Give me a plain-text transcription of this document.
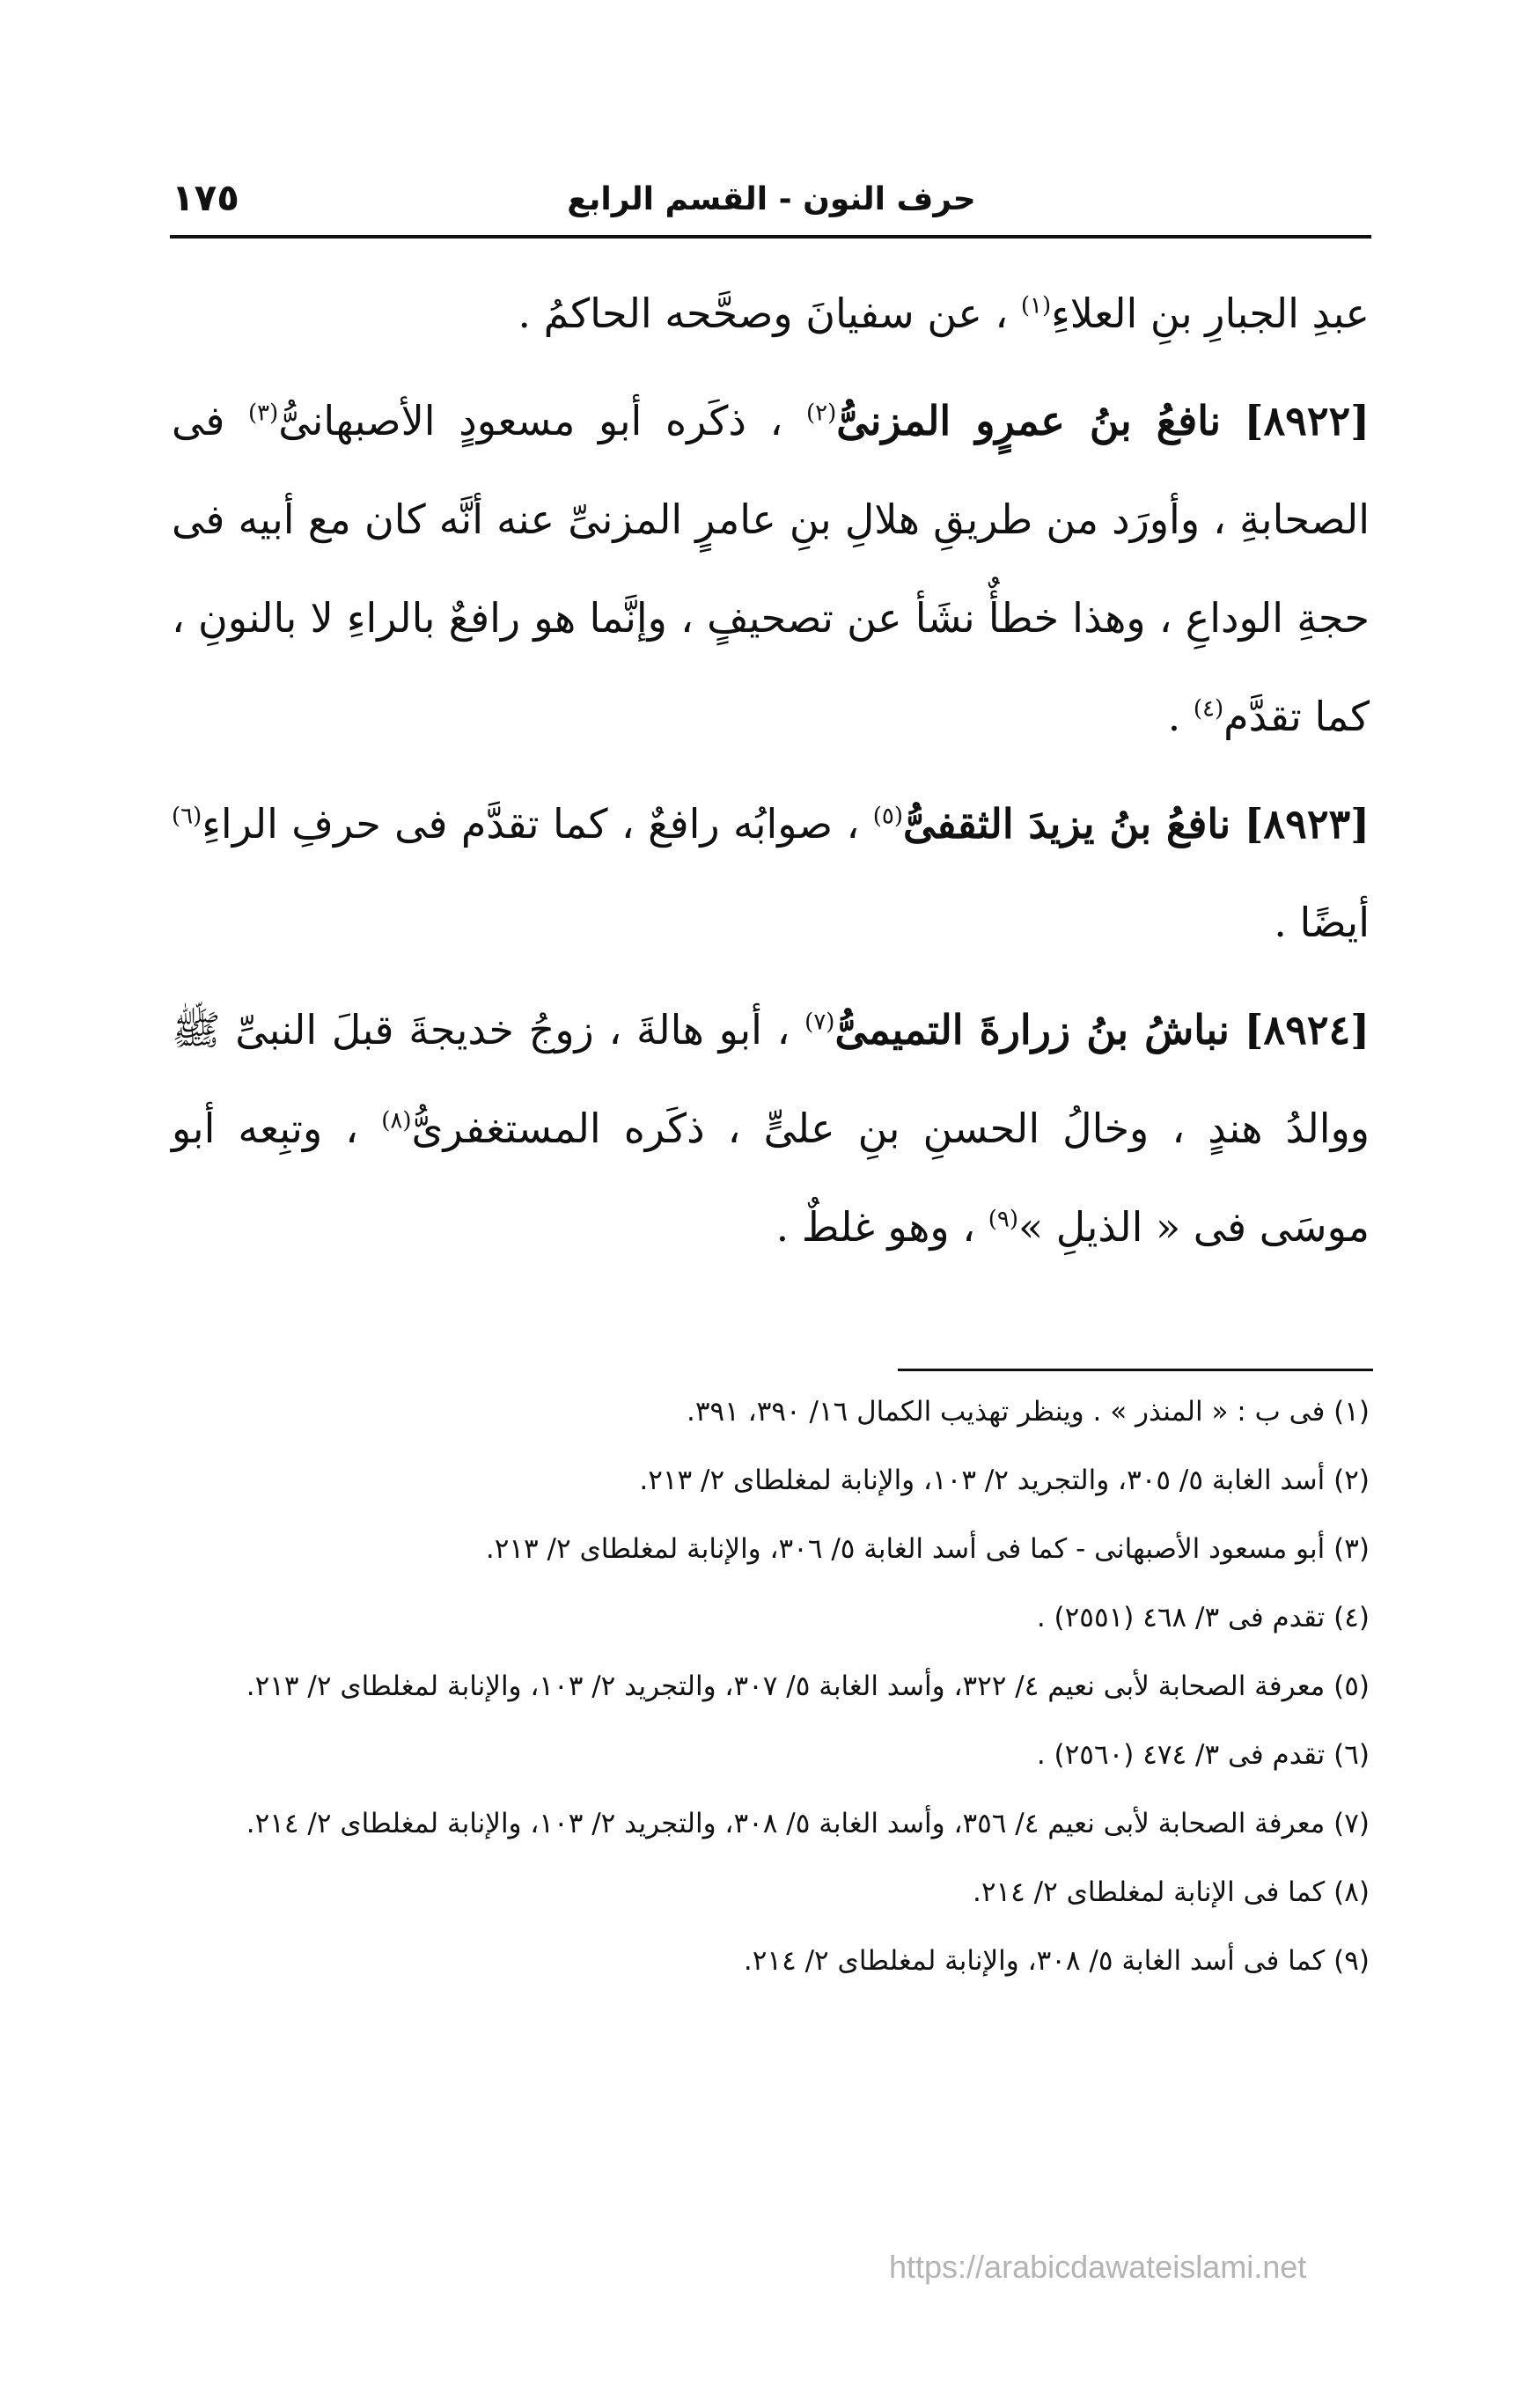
حرف النون - القسم الرابع
١٧٥

عبدِ الجبارِ بنِ العلاءِ$^{(١)}$ ، عن سفيانَ وصحَّحه الحاكمُ .

[٨٩٢٢] نافعُ بنُ عمرٍو المزنىُّ$^{(٢)}$ ، ذكَره أبو مسعودٍ الأصبهانىُّ$^{(٣)}$ فى الصحابةِ ، وأورَد من طريقِ هلالِ بنِ عامرٍ المزنىِّ عنه أنَّه كان مع أبيه فى حجةِ الوداعِ ، وهذا خطأٌ نشَأ عن تصحيفٍ ، وإنَّما هو رافعٌ بالراءِ لا بالنونِ ، كما تقدَّم$^{(٤)}$ .

[٨٩٢٣] نافعُ بنُ يزيدَ الثقفىُّ$^{(٥)}$ ، صوابُه رافعٌ ، كما تقدَّم فى حرفِ الراءِ$^{(٦)}$ أيضًا .

[٨٩٢٤] نباشُ بنُ زرارةَ التميمىُّ$^{(٧)}$ ، أبو هالةَ ، زوجُ خديجةَ قبلَ النبىِّ ﷺ ووالدُ هندٍ ، وخالُ الحسنِ بنِ علىٍّ ، ذكَره المستغفرىُّ$^{(٨)}$ ، وتبِعه أبو موسَى فى « الذيلِ »$^{(٩)}$ ، وهو غلطٌ .

(١) فى ب : « المنذر » . وينظر تهذيب الكمال ١٦/ ٣٩٠، ٣٩١.

(٢) أسد الغابة ٥/ ٣٠٥، والتجريد ٢/ ١٠٣، والإنابة لمغلطاى ٢/ ٢١٣.

(٣) أبو مسعود الأصبهانى - كما فى أسد الغابة ٥/ ٣٠٦، والإنابة لمغلطاى ٢/ ٢١٣.

(٤) تقدم فى ٣/ ٤٦٨ (٢٥٥١) .

(٥) معرفة الصحابة لأبى نعيم ٤/ ٣٢٢، وأسد الغابة ٥/ ٣٠٧، والتجريد ٢/ ١٠٣، والإنابة لمغلطاى ٢/ ٢١٣.

(٦) تقدم فى ٣/ ٤٧٤ (٢٥٦٠) .

(٧) معرفة الصحابة لأبى نعيم ٤/ ٣٥٦، وأسد الغابة ٥/ ٣٠٨، والتجريد ٢/ ١٠٣، والإنابة لمغلطاى ٢/ ٢١٤.

(٨) كما فى الإنابة لمغلطاى ٢/ ٢١٤.

(٩) كما فى أسد الغابة ٥/ ٣٠٨، والإنابة لمغلطاى ٢/ ٢١٤.

https://arabicdawateislami.net
